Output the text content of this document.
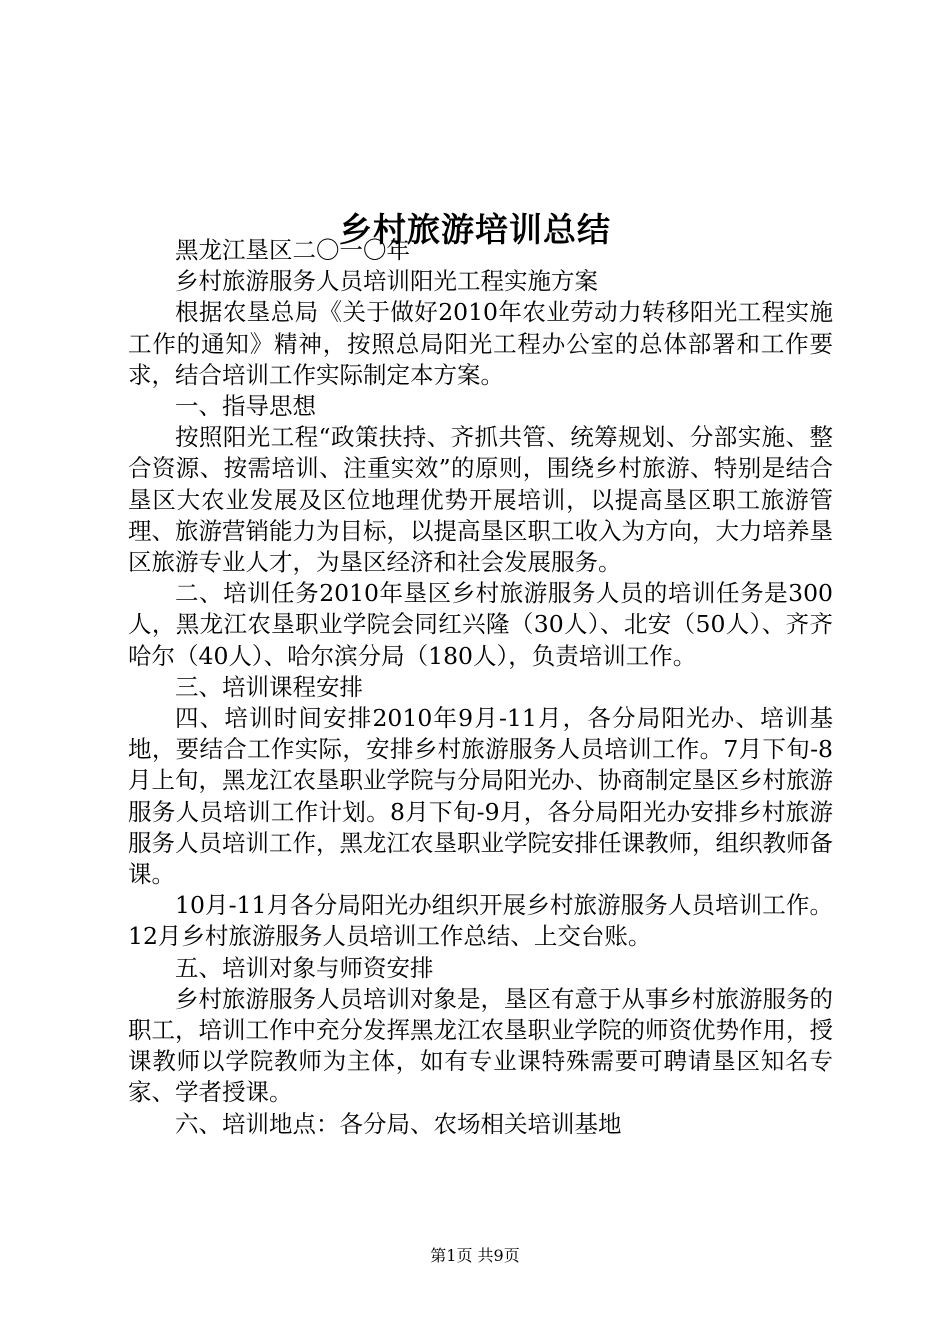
乡村旅游培训总结

黑龙江垦区二〇一〇年

乡村旅游服务人员培训阳光工程实施方案

根据农垦总局《关于做好2010年农业劳动力转移阳光工程实施工作的通知》精神，按照总局阳光工程办公室的总体部署和工作要求，结合培训工作实际制定本方案。

一、指导思想

按照阳光工程“政策扶持、齐抓共管、统筹规划、分部实施、整合资源、按需培训、注重实效”的原则，围绕乡村旅游、特别是结合垦区大农业发展及区位地理优势开展培训，以提高垦区职工旅游管理、旅游营销能力为目标，以提高垦区职工收入为方向，大力培养垦区旅游专业人才，为垦区经济和社会发展服务。

二、培训任务2010年垦区乡村旅游服务人员的培训任务是300人，黑龙江农垦职业学院会同红兴隆（30人）、北安（50人）、齐齐哈尔（40人）、哈尔滨分局（180人），负责培训工作。

三、培训课程安排

四、培训时间安排2010年9月-11月，各分局阳光办、培训基地，要结合工作实际，安排乡村旅游服务人员培训工作。7月下旬-8月上旬，黑龙江农垦职业学院与分局阳光办、协商制定垦区乡村旅游服务人员培训工作计划。8月下旬-9月，各分局阳光办安排乡村旅游服务人员培训工作，黑龙江农垦职业学院安排任课教师，组织教师备课。

10月-11月各分局阳光办组织开展乡村旅游服务人员培训工作。12月乡村旅游服务人员培训工作总结、上交台账。

五、培训对象与师资安排

乡村旅游服务人员培训对象是，垦区有意于从事乡村旅游服务的职工，培训工作中充分发挥黑龙江农垦职业学院的师资优势作用，授课教师以学院教师为主体，如有专业课特殊需要可聘请垦区知名专家、学者授课。

六、培训地点：各分局、农场相关培训基地

第1页 共9页
